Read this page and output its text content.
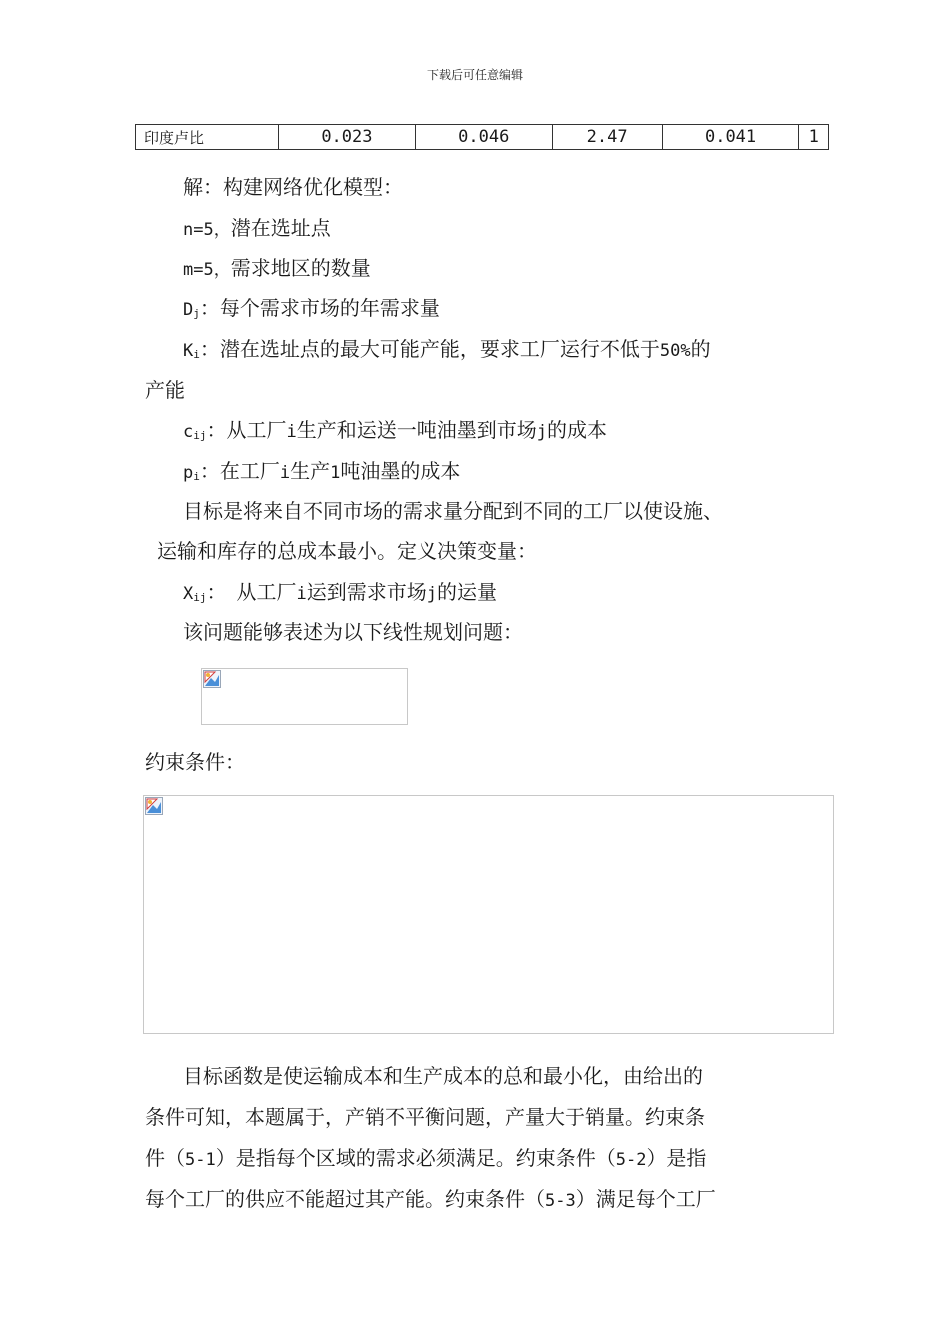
下载后可任意编辑
印度卢比	0.023	0.046	2.47	0.041	1
解：构建网络优化模型：
n=5，潜在选址点
m=5，需求地区的数量
$D_j$：每个需求市场的年需求量
$K_i$：潜在选址点的最大可能产能，要求工厂运行不低于50%的
产能
$c_{ij}$：从工厂i生产和运送一吨油墨到市场j的成本
$p_i$：在工厂i生产1吨油墨的成本
目标是将来自不同市场的需求量分配到不同的工厂以使设施、
运输和库存的总成本最小。定义决策变量：
$X_{ij}$：　从工厂i运到需求市场j的运量
该问题能够表述为以下线性规划问题：
约束条件：
目标函数是使运输成本和生产成本的总和最小化，由给出的
条件可知，本题属于，产销不平衡问题，产量大于销量。约束条
件（5-1）是指每个区域的需求必须满足。约束条件（5-2）是指
每个工厂的供应不能超过其产能。约束条件（5-3）满足每个工厂
